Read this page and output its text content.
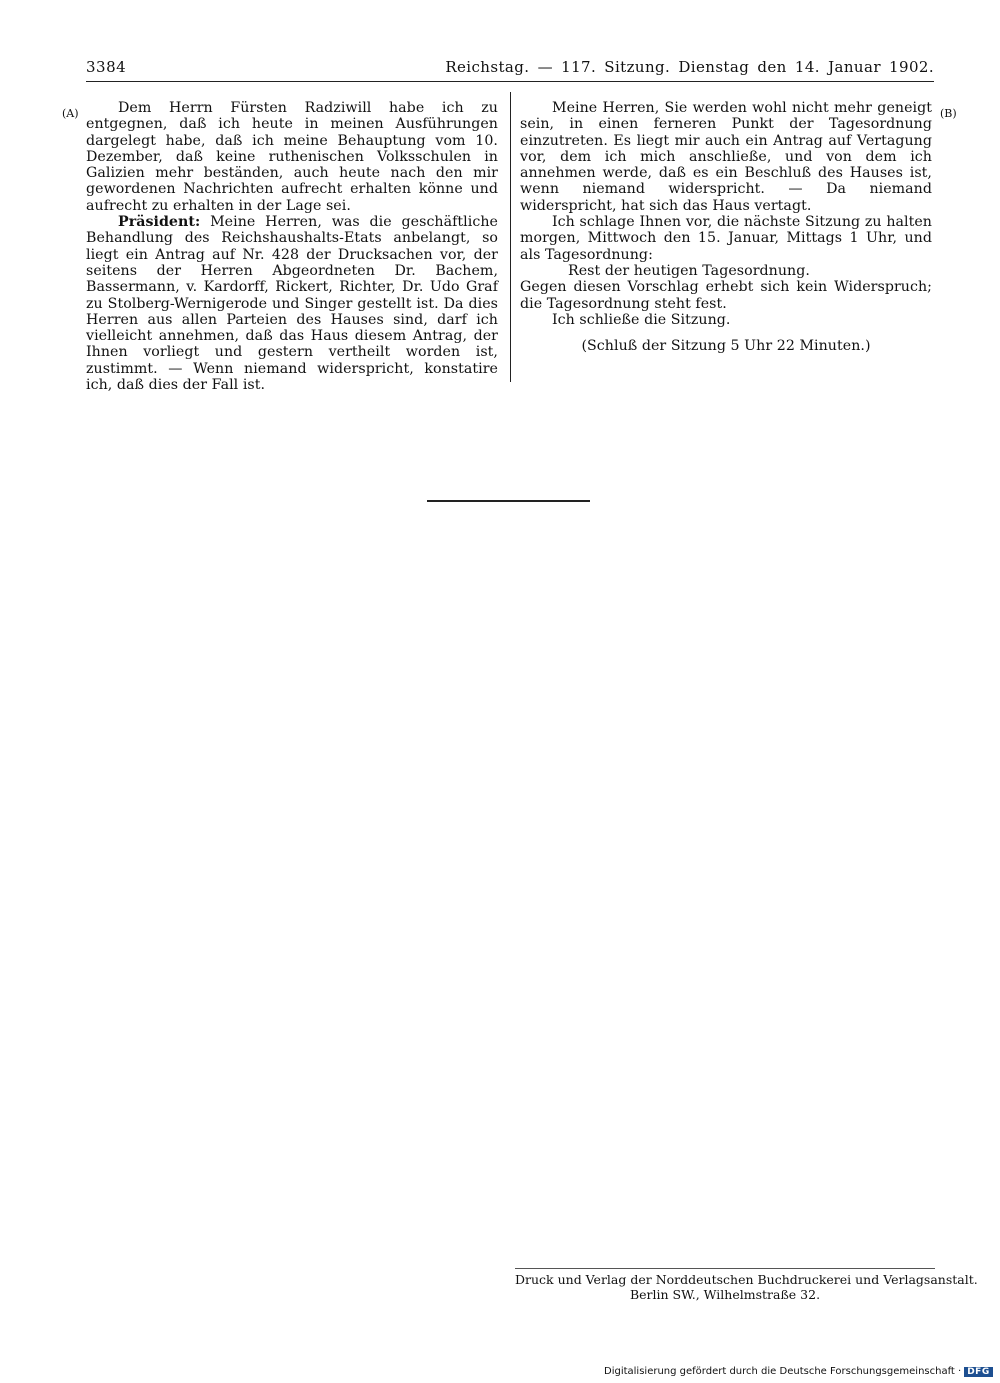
3384	Reichstag. — 117. Sitzung. Dienstag den 14. Januar 1902.
(A)	(B)

Dem Herrn Fürsten Radziwill habe ich zu entgegnen, daß ich heute in meinen Ausführungen dargelegt habe, daß ich meine Behauptung vom 10. Dezember, daß keine ruthenischen Volksschulen in Galizien mehr beständen, auch heute nach den mir gewordenen Nachrichten aufrecht erhalten könne und aufrecht zu erhalten in der Lage sei.

Präsident: Meine Herren, was die geschäftliche Behandlung des Reichshaushalts-Etats anbelangt, so liegt ein Antrag auf Nr. 428 der Drucksachen vor, der seitens der Herren Abgeordneten Dr. Bachem, Bassermann, v. Kardorff, Rickert, Richter, Dr. Udo Graf zu Stolberg-Wernigerode und Singer gestellt ist. Da dies Herren aus allen Parteien des Hauses sind, darf ich vielleicht annehmen, daß das Haus diesem Antrag, der Ihnen vorliegt und gestern vertheilt worden ist, zustimmt. — Wenn niemand widerspricht, konstatire ich, daß dies der Fall ist.

Meine Herren, Sie werden wohl nicht mehr geneigt sein, in einen ferneren Punkt der Tagesordnung einzutreten. Es liegt mir auch ein Antrag auf Vertagung vor, dem ich mich anschließe, und von dem ich annehmen werde, daß es ein Beschluß des Hauses ist, wenn niemand widerspricht. — Da niemand widerspricht, hat sich das Haus vertagt.

Ich schlage Ihnen vor, die nächste Sitzung zu halten morgen, Mittwoch den 15. Januar, Mittags 1 Uhr, und als Tagesordnung:

Rest der heutigen Tagesordnung.

Gegen diesen Vorschlag erhebt sich kein Widerspruch; die Tagesordnung steht fest.

Ich schließe die Sitzung.

(Schluß der Sitzung 5 Uhr 22 Minuten.)

Druck und Verlag der Norddeutschen Buchdruckerei und Verlagsanstalt.
Berlin SW., Wilhelmstraße 32.
Digitalisierung gefördert durch die Deutsche Forschungsgemeinschaft · DFG
